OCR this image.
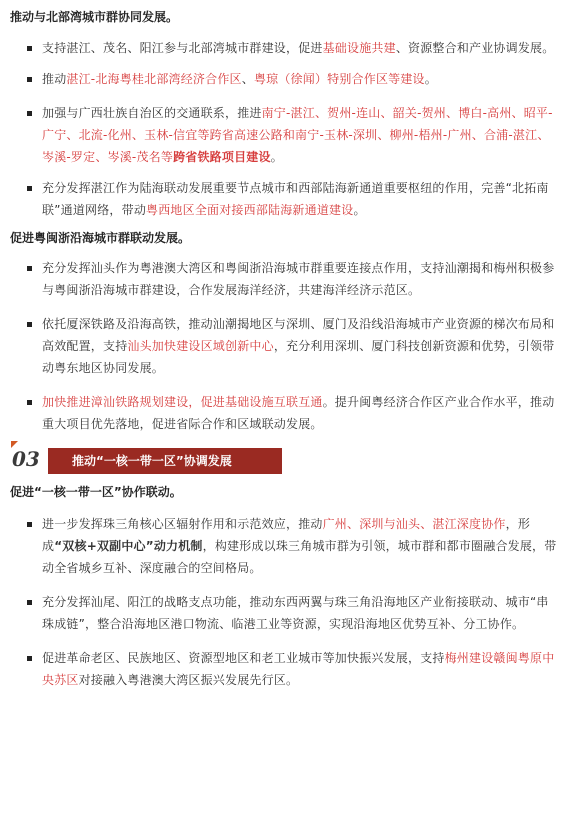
推动与北部湾城市群协同发展。
支持湛江、茂名、阳江参与北部湾城市群建设，促进基础设施共建、资源整合和产业协调发展。
推动湛江-北海粤桂北部湾经济合作区、粤琼（徐闻）特别合作区等建设。
加强与广西壮族自治区的交通联系，推进南宁-湛江、贺州-连山、韶关-贺州、博白-高州、昭平-广宁、北流-化州、玉林-信宜等跨省高速公路和南宁-玉林-深圳、柳州-梧州-广州、合浦-湛江、岑溪-罗定、岑溪-茂名等跨省铁路项目建设。
充分发挥湛江作为陆海联动发展重要节点城市和西部陆海新通道重要枢纽的作用，完善“北拓南联”通道网络，带动粤西地区全面对接西部陆海新通道建设。
促进粤闽浙沿海城市群联动发展。
充分发挥汕头作为粤港澳大湾区和粤闽浙沿海城市群重要连接点作用，支持汕潮揭和梅州积极参与粤闽浙沿海城市群建设，合作发展海洋经济，共建海洋经济示范区。
依托厦深铁路及沿海高铁，推动汕潮揭地区与深圳、厦门及沿线沿海城市产业资源的梯次布局和高效配置，支持汕头加快建设区域创新中心，充分利用深圳、厦门科技创新资源和优势，引领带动粤东地区协同发展。
加快推进漳汕铁路规划建设，促进基础设施互联互通。提升闽粤经济合作区产业合作水平，推动重大项目优先落地，促进省际合作和区域联动发展。
03	推动“一核一带一区”协调发展
促进“一核一带一区”协作联动。
进一步发挥珠三角核心区辐射作用和示范效应，推动广州、深圳与汕头、湛江深度协作，形成“双核+双副中心”动力机制，构建形成以珠三角城市群为引领，城市群和都市圈融合发展，带动全省城乡互补、深度融合的空间格局。
充分发挥汕尾、阳江的战略支点功能，推动东西两翼与珠三角沿海地区产业衔接联动、城市“串珠成链”，整合沿海地区港口物流、临港工业等资源，实现沿海地区优势互补、分工协作。
促进革命老区、民族地区、资源型地区和老工业城市等加快振兴发展，支持梅州建设赣闽粤原中央苏区对接融入粤港澳大湾区振兴发展先行区。
